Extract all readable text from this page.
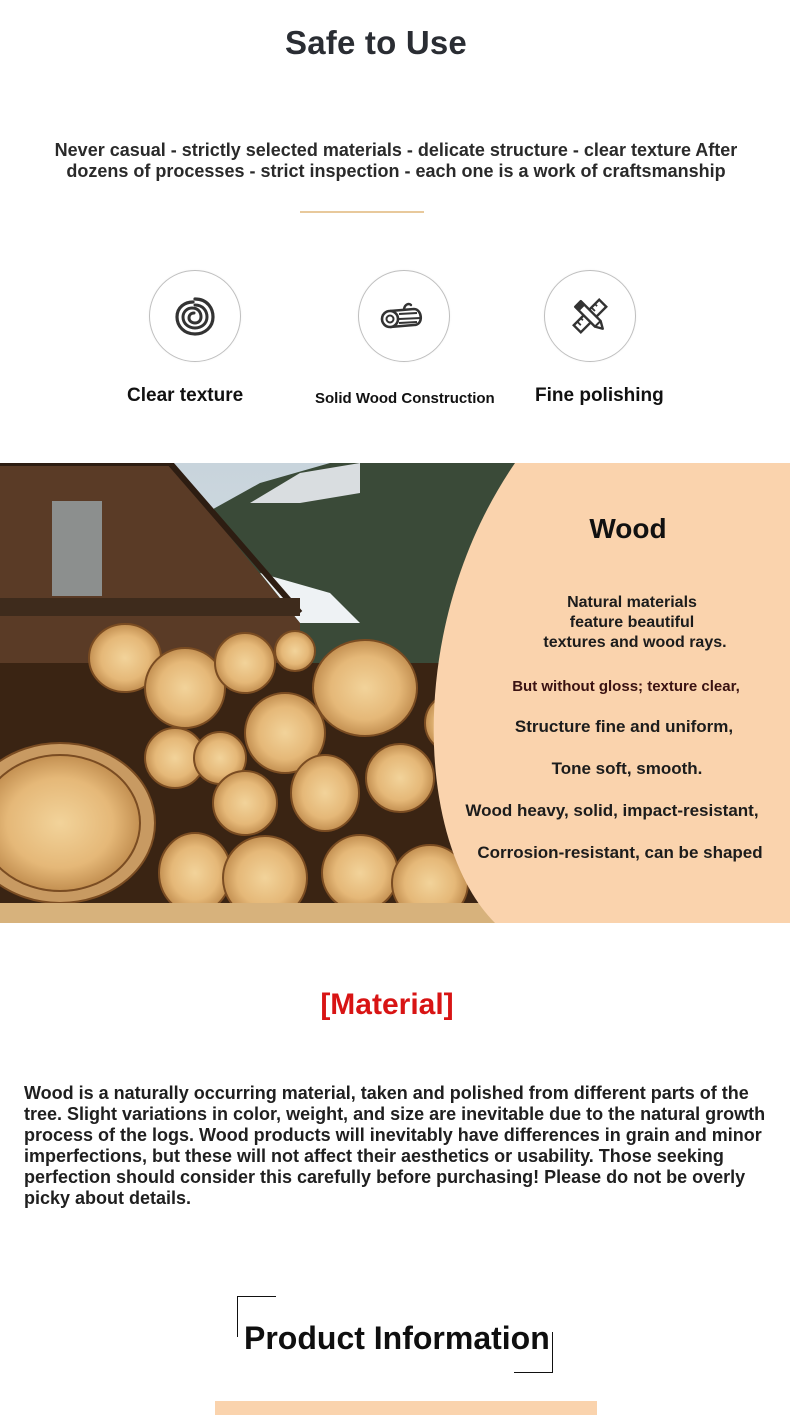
Safe to Use
Never casual - strictly selected materials - delicate structure - clear texture After dozens of processes - strict inspection - each one is a work of craftsmanship
Clear texture	Solid Wood Construction Fine polishing
Wood
Natural materials
feature beautiful
textures and wood rays.
But without gloss; texture clear,
Structure fine and uniform,
Tone soft, smooth.
Wood heavy, solid, impact-resistant,
Corrosion-resistant, can be shaped
[Material]
Wood is a naturally occurring material, taken and polished from different parts of the tree. Slight variations in color, weight, and size are inevitable due to the natural growth process of the logs. Wood products will inevitably have differences in grain and minor imperfections, but these will not affect their aesthetics or usability. Those seeking perfection should consider this carefully before purchasing! Please do not be overly picky about details.
Product Information
